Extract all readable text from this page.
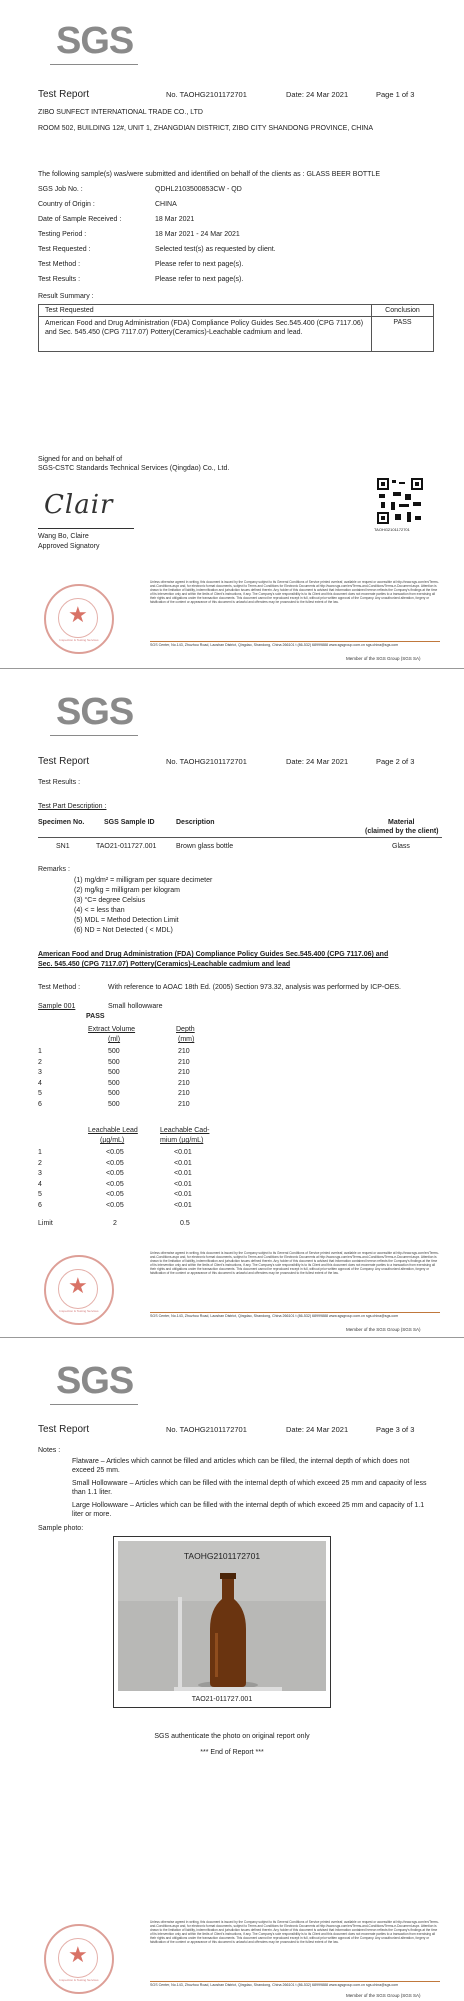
SGS
Test Report	No. TAOHG2101172701	Date: 24 Mar 2021	Page 1 of 3
ZIBO SUNFECT INTERNATIONAL TRADE CO., LTD
ROOM 502, BUILDING 12#, UNIT 1, ZHANGDIAN DISTRICT, ZIBO CITY SHANDONG PROVINCE, CHINA
The following sample(s) was/were submitted and identified on behalf of the clients as : GLASS BEER BOTTLE
SGS Job No. :	QDHL2103500853CW - QD
Country of Origin :	CHINA
Date of Sample Received :	18 Mar 2021
Testing Period :	18 Mar 2021 - 24 Mar 2021
Test Requested :	Selected test(s) as requested by client.
Test Method :	Please refer to next page(s).
Test Results :	Please refer to next page(s).
Result Summary :
Test Requested	Conclusion
American Food and Drug Administration (FDA) Compliance Policy Guides Sec.545.400 (CPG 7117.06) and Sec. 545.450 (CPG 7117.07) Pottery(Ceramics)-Leachable cadmium and lead.	PASS
Signed for and on behalf of
SGS-CSTC Standards Technical Services (Qingdao) Co., Ltd.
Clair
Wang Bo, Claire
Approved Signatory
TAOHG2101172701
★
Inspection & Testing Services
Unless otherwise agreed in writing, this document is issued by the Company subject to its General Conditions of Service printed overleaf, available on request or accessible at http://www.sgs.com/en/Terms-and-Conditions.aspx and, for electronic format documents, subject to Terms and Conditions for Electronic Documents at http://www.sgs.com/en/Terms-and-Conditions/Terms-e-Document.aspx. Attention is drawn to the limitation of liability, indemnification and jurisdiction issues defined therein. Any holder of this document is advised that information contained hereon reflects the Company's findings at the time of its intervention only and within the limits of Client's instructions, if any. The Company's sole responsibility is to its Client and this document does not exonerate parties to a transaction from exercising all their rights and obligations under the transaction documents. This document cannot be reproduced except in full, without prior written approval of the Company. Any unauthorized alteration, forgery or falsification of the content or appearance of this document is unlawful and offenders may be prosecuted to the fullest extent of the law.
SGS Center, No.143, Zhuzhou Road, Laoshan District, Qingdao, Shandong, China 266101 t (86-532) 68999888 www.sgsgroup.com.cn sgs.china@sgs.com
Member of the SGS Group (SGS SA)
SGS
Test Report	No. TAOHG2101172701	Date: 24 Mar 2021	Page 2 of 3
Test Results :
Test Part Description :
Specimen No.	SGS Sample ID	Description	Material
(claimed by the client)
SN1	TAO21-011727.001	Brown glass bottle	Glass
Remarks :
(1) mg/dm² = milligram per square decimeter
(2) mg/kg = milligram per kilogram
(3) °C= degree Celsius
(4) < = less than
(5) MDL = Method Detection Limit
(6) ND = Not Detected ( < MDL)
American Food and Drug Administration (FDA) Compliance Policy Guides Sec.545.400 (CPG 7117.06) and
Sec. 545.450 (CPG 7117.07) Pottery(Ceramics)-Leachable cadmium and lead
Test Method :	With reference to AOAC 18th Ed. (2005) Section 973.32, analysis was performed by ICP-OES.
Sample 001	Small hollowware
PASS
Extract Volume
(ml)
Depth
(mm)
1	500	210
2	500	210
3	500	210
4	500	210
5	500	210
6	500	210
Leachable Lead
(µg/mL)
Leachable Cad-
mium (µg/mL)
1	<0.05	<0.01
2	<0.05	<0.01
3	<0.05	<0.01
4	<0.05	<0.01
5	<0.05	<0.01
6	<0.05	<0.01
Limit	2	0.5
★
Inspection & Testing Services
Unless otherwise agreed in writing, this document is issued by the Company subject to its General Conditions of Service printed overleaf, available on request or accessible at http://www.sgs.com/en/Terms-and-Conditions.aspx and, for electronic format documents, subject to Terms and Conditions for Electronic Documents at http://www.sgs.com/en/Terms-and-Conditions/Terms-e-Document.aspx. Attention is drawn to the limitation of liability, indemnification and jurisdiction issues defined therein. Any holder of this document is advised that information contained hereon reflects the Company's findings at the time of its intervention only and within the limits of Client's instructions, if any. The Company's sole responsibility is to its Client and this document does not exonerate parties to a transaction from exercising all their rights and obligations under the transaction documents. This document cannot be reproduced except in full, without prior written approval of the Company. Any unauthorized alteration, forgery or falsification of the content or appearance of this document is unlawful and offenders may be prosecuted to the fullest extent of the law.
SGS Center, No.143, Zhuzhou Road, Laoshan District, Qingdao, Shandong, China 266101 t (86-532) 68999888 www.sgsgroup.com.cn sgs.china@sgs.com
Member of the SGS Group (SGS SA)
SGS
Test Report	No. TAOHG2101172701	Date: 24 Mar 2021	Page 3 of 3
Notes :
Flatware – Articles which cannot be filled and articles which can be filled, the internal depth of which does not exceed 25 mm.
Small Hollowware – Articles which can be filled with the internal depth of which exceed 25 mm and capacity of less than 1.1 liter.
Large Hollowware – Articles which can be filled with the internal depth of which exceed 25 mm and capacity of 1.1 liter or more.
Sample photo:
TAOHG2101172701
TAO21-011727.001
SGS authenticate the photo on original report only
*** End of Report ***
★
Inspection & Testing Services
Unless otherwise agreed in writing, this document is issued by the Company subject to its General Conditions of Service printed overleaf, available on request or accessible at http://www.sgs.com/en/Terms-and-Conditions.aspx and, for electronic format documents, subject to Terms and Conditions for Electronic Documents at http://www.sgs.com/en/Terms-and-Conditions/Terms-e-Document.aspx. Attention is drawn to the limitation of liability, indemnification and jurisdiction issues defined therein. Any holder of this document is advised that information contained hereon reflects the Company's findings at the time of its intervention only and within the limits of Client's instructions, if any. The Company's sole responsibility is to its Client and this document does not exonerate parties to a transaction from exercising all their rights and obligations under the transaction documents. This document cannot be reproduced except in full, without prior written approval of the Company. Any unauthorized alteration, forgery or falsification of the content or appearance of this document is unlawful and offenders may be prosecuted to the fullest extent of the law.
SGS Center, No.143, Zhuzhou Road, Laoshan District, Qingdao, Shandong, China 266101 t (86-532) 68999888 www.sgsgroup.com.cn sgs.china@sgs.com
Member of the SGS Group (SGS SA)
